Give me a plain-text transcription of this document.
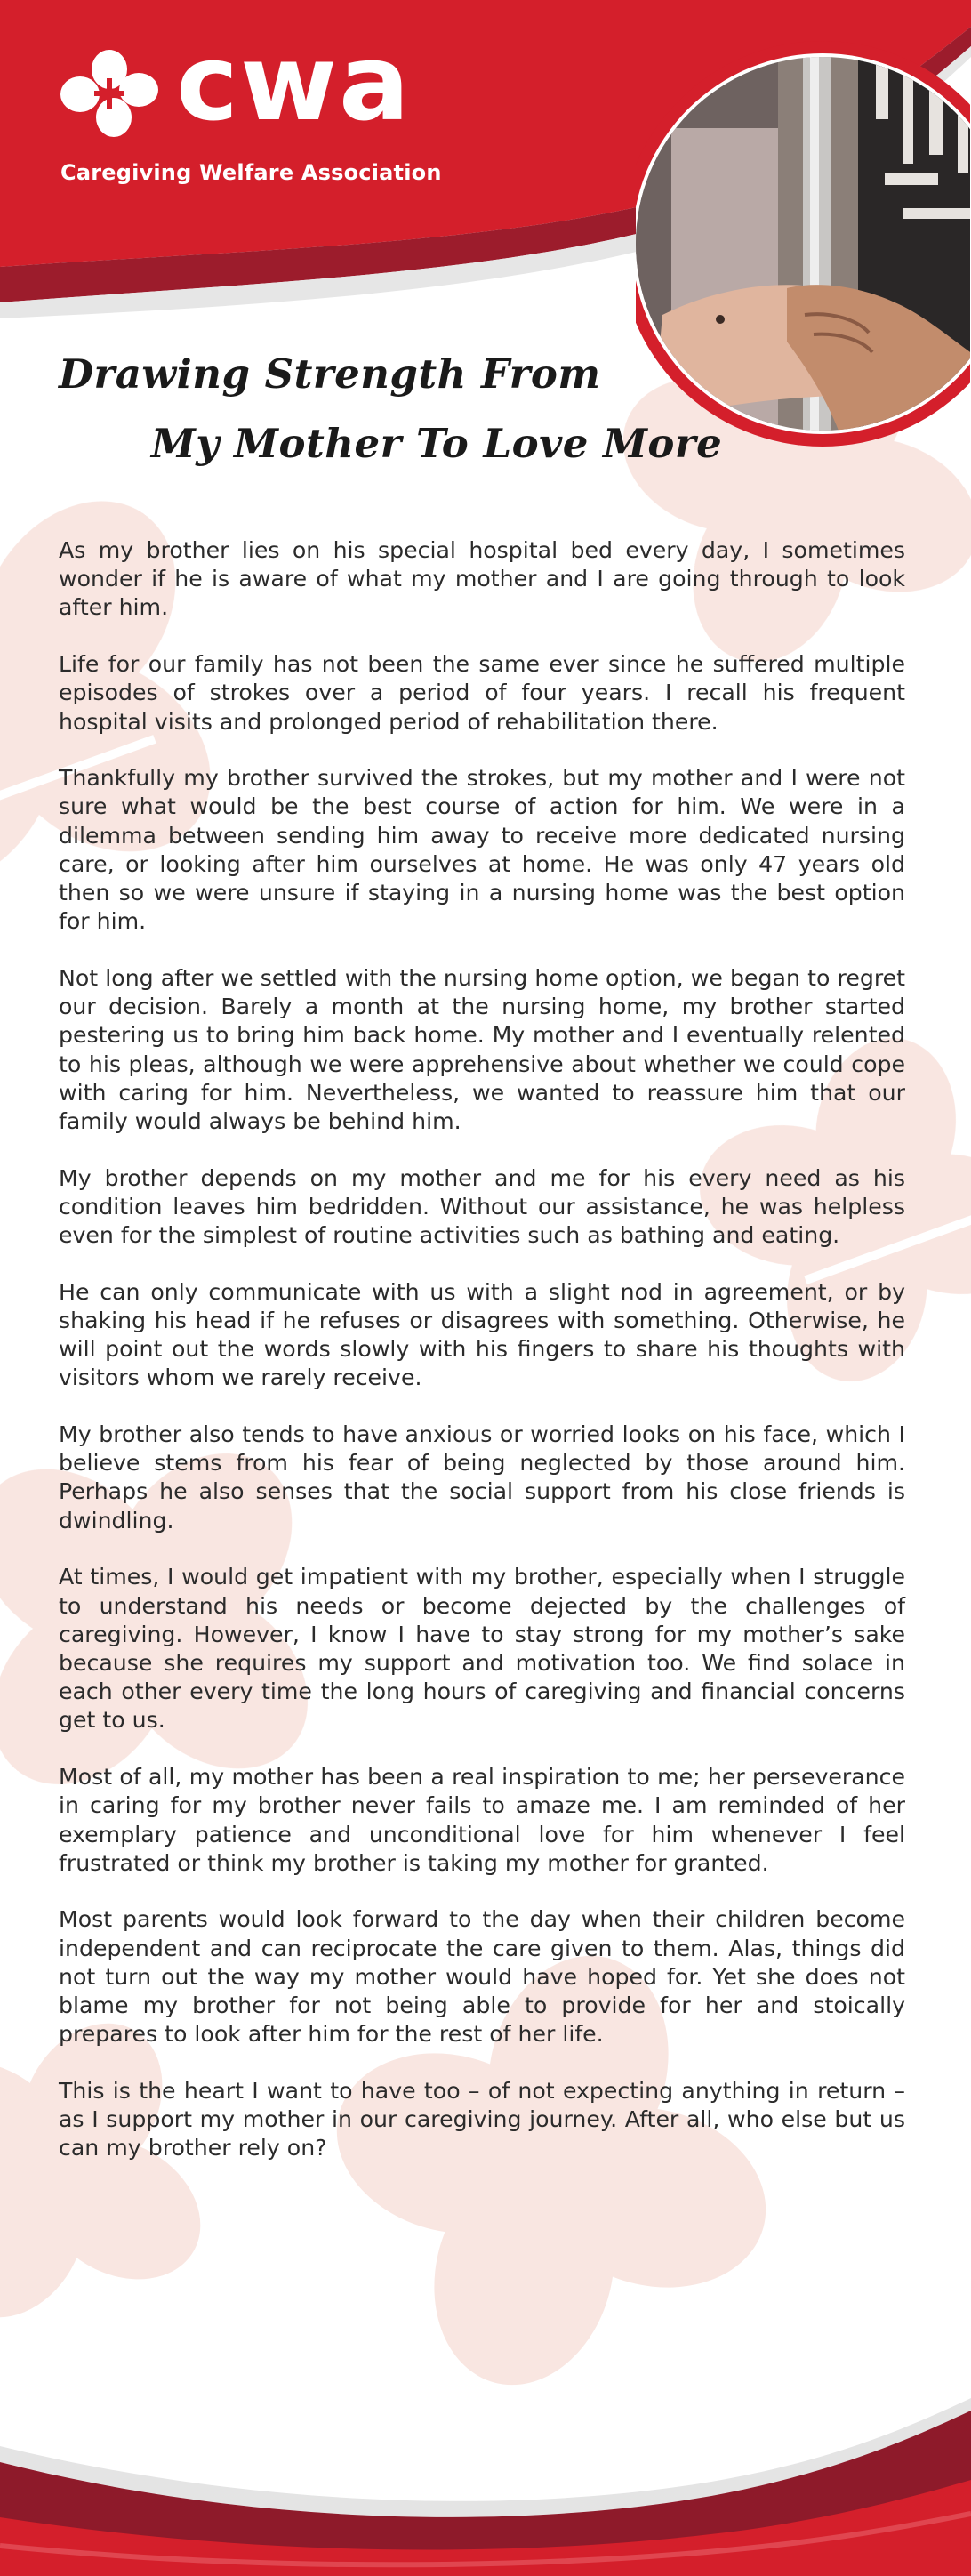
cwa
Caregiving Welfare Association
Drawing Strength From
My Mother To Love More

As my brother lies on his special hospital bed every day, I sometimes wonder if he is aware of what my mother and I are going through to look after him.

Life for our family has not been the same ever since he suffered multiple episodes of strokes over a period of four years. I recall his frequent hospital visits and prolonged period of rehabilitation there.

Thankfully my brother survived the strokes, but my mother and I were not sure what would be the best course of action for him. We were in a dilemma between sending him away to receive more dedicated nursing care, or looking after him ourselves at home. He was only 47 years old then so we were unsure if staying in a nursing home was the best option for him.

Not long after we settled with the nursing home option, we began to regret our decision. Barely a month at the nursing home, my brother started pestering us to bring him back home. My mother and I eventually relented to his pleas, although we were apprehensive about whether we could cope with caring for him. Nevertheless, we wanted to reassure him that our family would always be behind him.

My brother depends on my mother and me for his every need as his condition leaves him bedridden. Without our assistance, he was helpless even for the simplest of routine activities such as bathing and eating.

He can only communicate with us with a slight nod in agreement, or by shaking his head if he refuses or disagrees with something. Otherwise, he will point out the words slowly with his fingers to share his thoughts with visitors whom we rarely receive.

My brother also tends to have anxious or worried looks on his face, which I believe stems from his fear of being neglected by those around him. Perhaps he also senses that the social support from his close friends is dwindling.

At times, I would get impatient with my brother, especially when I struggle to understand his needs or become dejected by the challenges of caregiving. However, I know I have to stay strong for my mother’s sake because she requires my support and motivation too. We find solace in each other every time the long hours of caregiving and financial concerns get to us.

Most of all, my mother has been a real inspiration to me; her perseverance in caring for my brother never fails to amaze me. I am reminded of her exemplary patience and unconditional love for him whenever I feel frustrated or think my brother is taking my mother for granted.

Most parents would look forward to the day when their children become independent and can reciprocate the care given to them. Alas, things did not turn out the way my mother would have hoped for. Yet she does not blame my brother for not being able to provide for her and stoically prepares to look after him for the rest of her life.

This is the heart I want to have too – of not expecting anything in return – as I support my mother in our caregiving journey. After all, who else but us can my brother rely on?
